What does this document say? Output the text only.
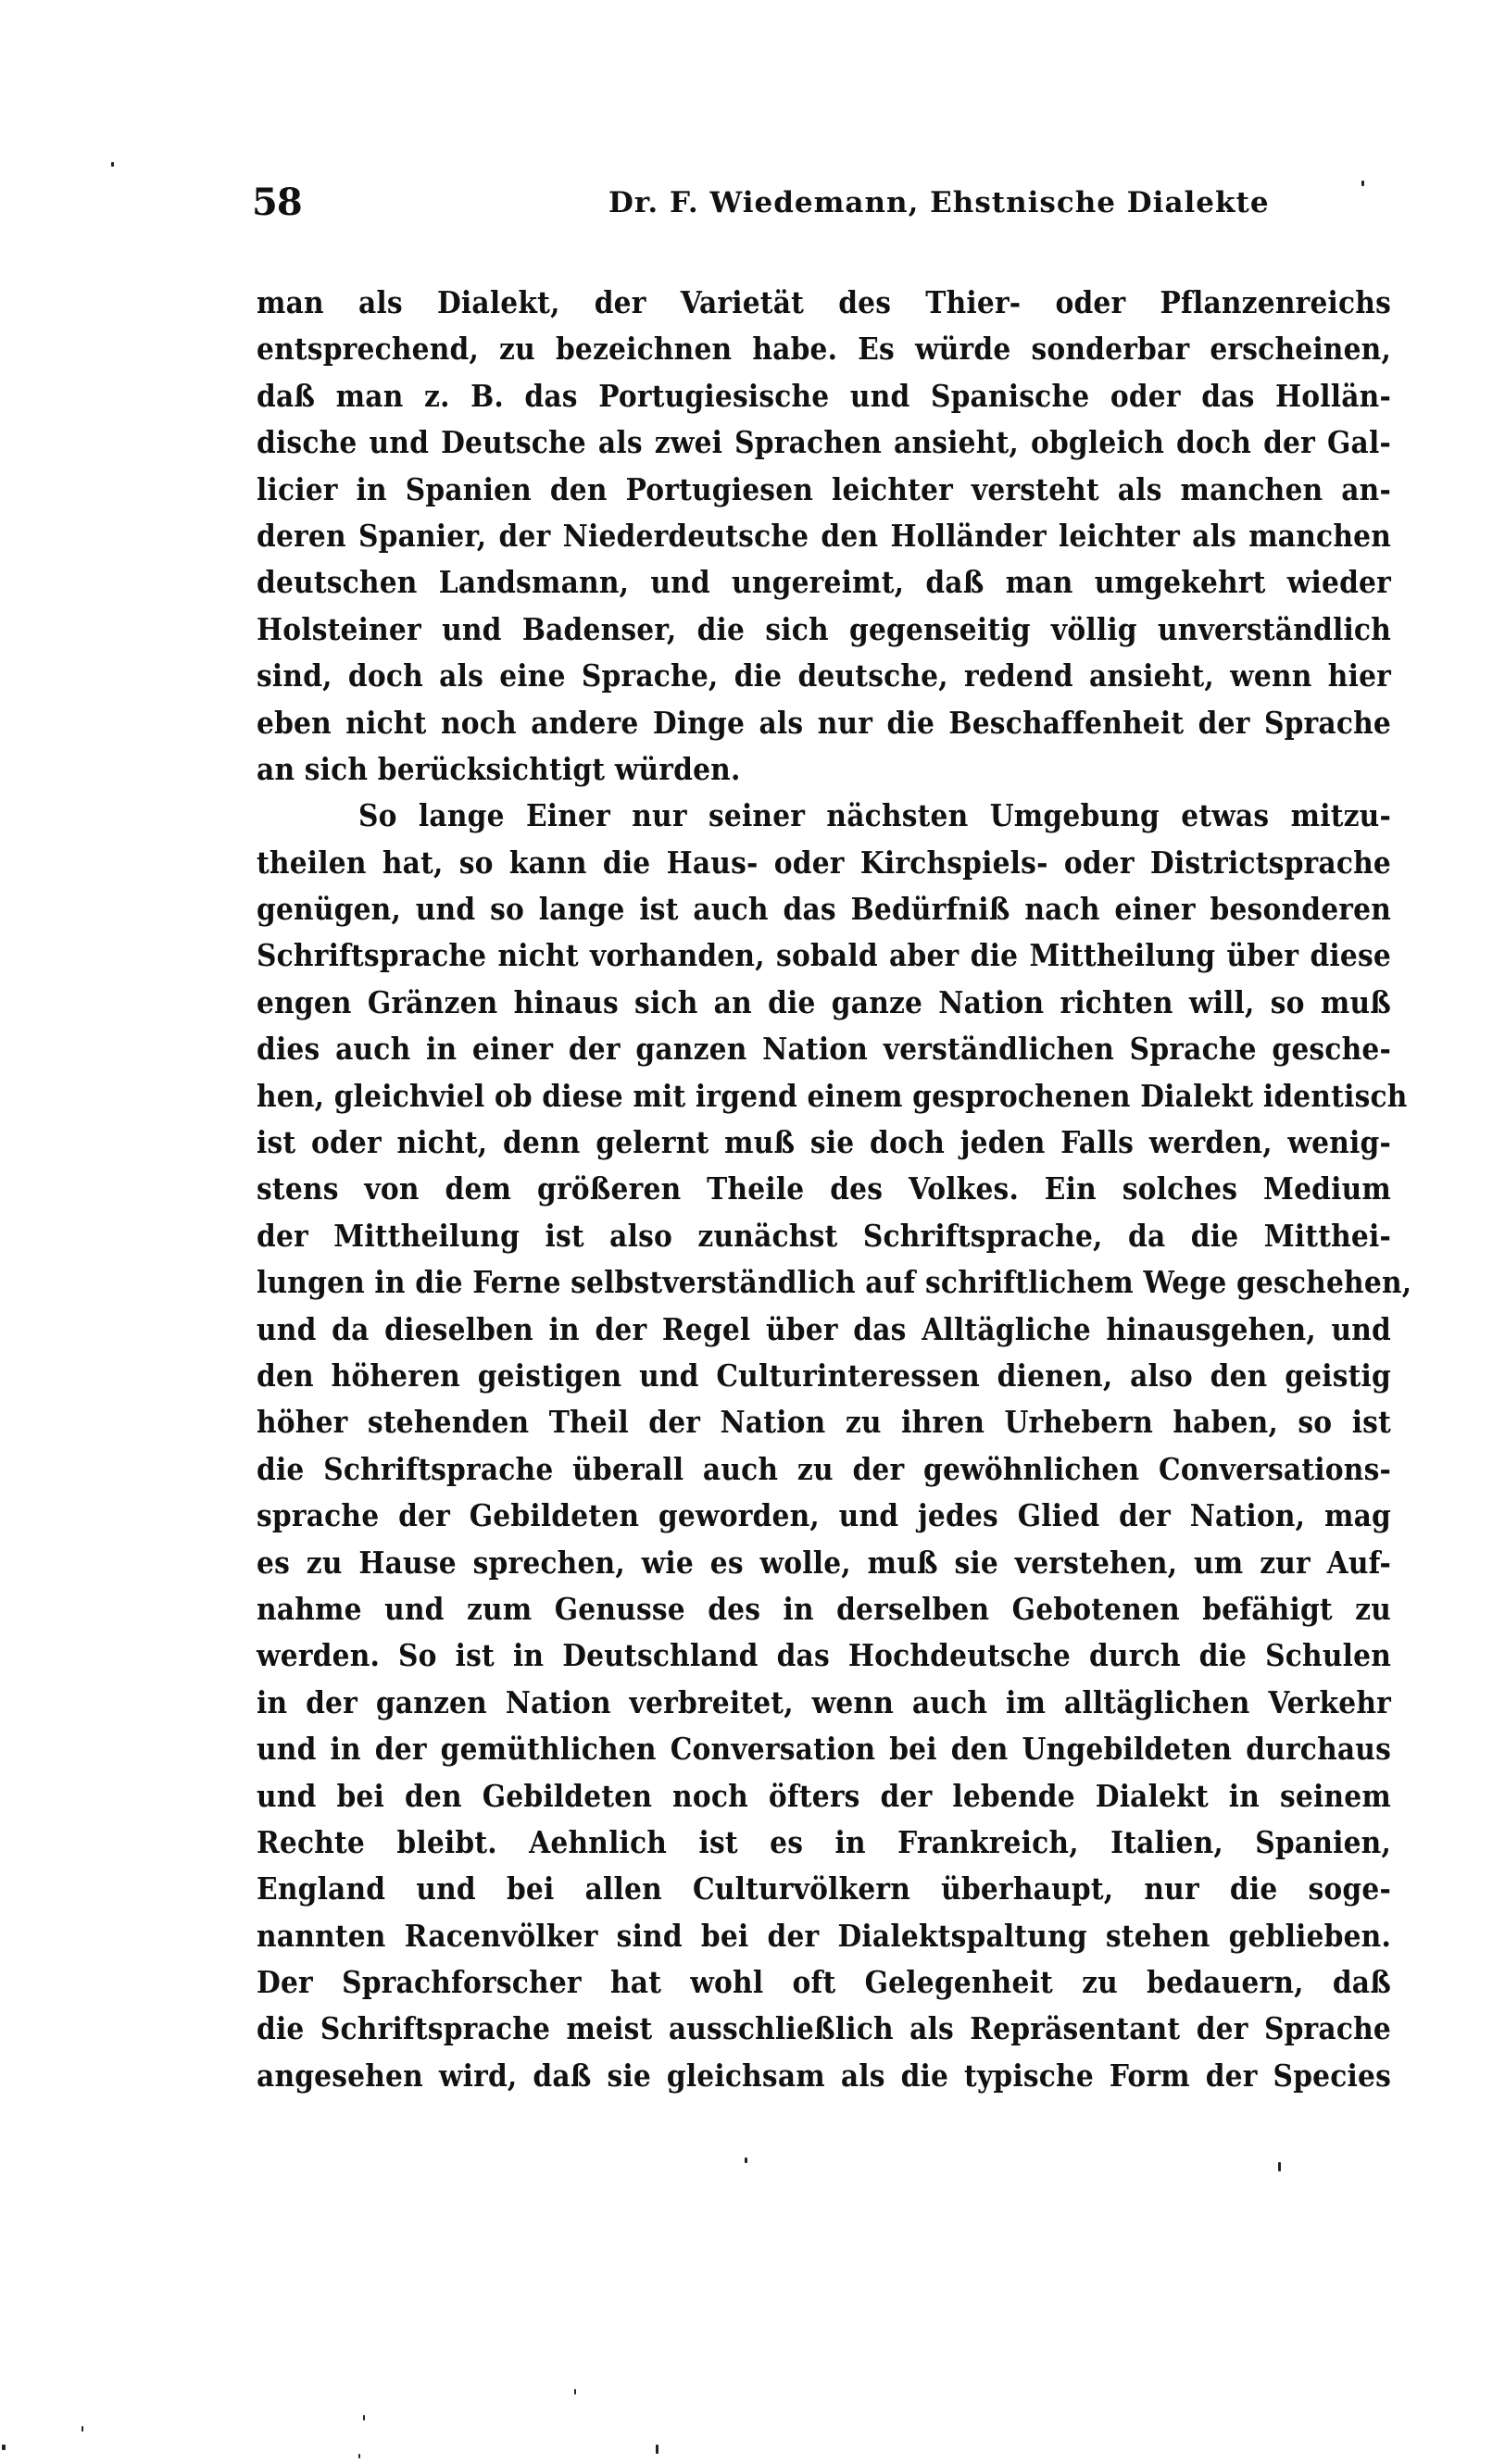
58	Dr. F. Wiedemann, Ehstnische Dialekte
man als Dialekt, der Varietät des Thier- oder Pflanzenreichs
entsprechend, zu bezeichnen habe. Es würde sonderbar erscheinen,
daß man z. B. das Portugiesische und Spanische oder das Hollän-
dische und Deutsche als zwei Sprachen ansieht, obgleich doch der Gal-
licier in Spanien den Portugiesen leichter versteht als manchen an-
deren Spanier, der Niederdeutsche den Holländer leichter als manchen
deutschen Landsmann, und ungereimt, daß man umgekehrt wieder
Holsteiner und Badenser, die sich gegenseitig völlig unverständlich
sind, doch als eine Sprache, die deutsche, redend ansieht, wenn hier
eben nicht noch andere Dinge als nur die Beschaffenheit der Sprache
an sich berücksichtigt würden.
So lange Einer nur seiner nächsten Umgebung etwas mitzu-
theilen hat, so kann die Haus- oder Kirchspiels- oder Districtsprache
genügen, und so lange ist auch das Bedürfniß nach einer besonderen
Schriftsprache nicht vorhanden, sobald aber die Mittheilung über diese
engen Gränzen hinaus sich an die ganze Nation richten will, so muß
dies auch in einer der ganzen Nation verständlichen Sprache gesche-
hen, gleichviel ob diese mit irgend einem gesprochenen Dialekt identisch
ist oder nicht, denn gelernt muß sie doch jeden Falls werden, wenig-
stens von dem größeren Theile des Volkes. Ein solches Medium
der Mittheilung ist also zunächst Schriftsprache, da die Mitthei-
lungen in die Ferne selbstverständlich auf schriftlichem Wege geschehen,
und da dieselben in der Regel über das Alltägliche hinausgehen, und
den höheren geistigen und Culturinteressen dienen, also den geistig
höher stehenden Theil der Nation zu ihren Urhebern haben, so ist
die Schriftsprache überall auch zu der gewöhnlichen Conversations-
sprache der Gebildeten geworden, und jedes Glied der Nation, mag
es zu Hause sprechen, wie es wolle, muß sie verstehen, um zur Auf-
nahme und zum Genusse des in derselben Gebotenen befähigt zu
werden. So ist in Deutschland das Hochdeutsche durch die Schulen
in der ganzen Nation verbreitet, wenn auch im alltäglichen Verkehr
und in der gemüthlichen Conversation bei den Ungebildeten durchaus
und bei den Gebildeten noch öfters der lebende Dialekt in seinem
Rechte bleibt. Aehnlich ist es in Frankreich, Italien, Spanien,
England und bei allen Culturvölkern überhaupt, nur die soge-
nannten Racenvölker sind bei der Dialektspaltung stehen geblieben.
Der Sprachforscher hat wohl oft Gelegenheit zu bedauern, daß
die Schriftsprache meist ausschließlich als Repräsentant der Sprache
angesehen wird, daß sie gleichsam als die typische Form der Species
